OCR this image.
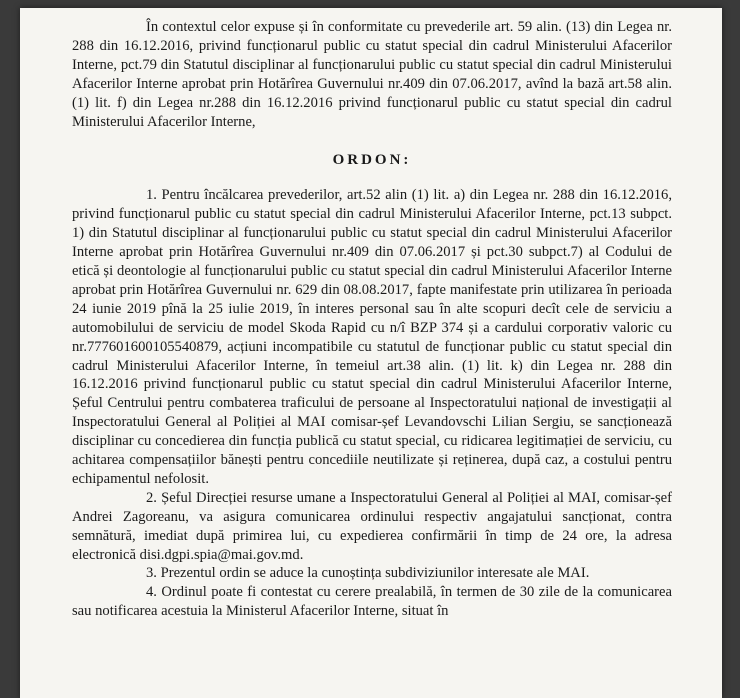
În contextul celor expuse și în conformitate cu prevederile art. 59 alin. (13) din Legea nr. 288 din 16.12.2016, privind funcționarul public cu statut special din cadrul Ministerului Afacerilor Interne, pct.79 din Statutul disciplinar al funcționarului public cu statut special din cadrul Ministerului Afacerilor Interne aprobat prin Hotărîrea Guvernului nr.409 din 07.06.2017, avînd la bază art.58 alin. (1) lit. f) din Legea nr.288 din 16.12.2016 privind funcționarul public cu statut special din cadrul Ministerului Afacerilor Interne,

ORDON:

1. Pentru încălcarea prevederilor, art.52 alin (1) lit. a) din Legea nr. 288 din 16.12.2016, privind funcționarul public cu statut special din cadrul Ministerului Afacerilor Interne, pct.13 subpct. 1) din Statutul disciplinar al funcționarului public cu statut special din cadrul Ministerului Afacerilor Interne aprobat prin Hotărîrea Guvernului nr.409 din 07.06.2017 și pct.30 subpct.7) al Codului de etică și deontologie al funcționarului public cu statut special din cadrul Ministerului Afacerilor Interne aprobat prin Hotărîrea Guvernului nr. 629 din 08.08.2017, fapte manifestate prin utilizarea în perioada 24 iunie 2019 pînă la 25 iulie 2019, în interes personal sau în alte scopuri decît cele de serviciu a automobilului de serviciu de model Skoda Rapid cu n/î BZP 374 și a cardului corporativ valoric cu nr.777601600105540879, acțiuni incompatibile cu statutul de funcționar public cu statut special din cadrul Ministerului Afacerilor Interne, în temeiul art.38 alin. (1) lit. k) din Legea nr. 288 din 16.12.2016 privind funcționarul public cu statut special din cadrul Ministerului Afacerilor Interne, Șeful Centrului pentru combaterea traficului de persoane al Inspectoratului național de investigații al Inspectoratului General al Poliției al MAI comisar-șef Levandovschi Lilian Sergiu, se sancționează disciplinar cu concedierea din funcția publică cu statut special, cu ridicarea legitimației de serviciu, cu achitarea compensațiilor bănești pentru concediile neutilizate și reținerea, după caz, a costului pentru echipamentul nefolosit.

2. Șeful Direcției resurse umane a Inspectoratului General al Poliției al MAI, comisar-șef Andrei Zagoreanu, va asigura comunicarea ordinului respectiv angajatului sancționat, contra semnătură, imediat după primirea lui, cu expedierea confirmării în timp de 24 ore, la adresa electronică disi.dgpi.spia@mai.gov.md.

3. Prezentul ordin se aduce la cunoștința subdiviziunilor interesate ale MAI.

4. Ordinul poate fi contestat cu cerere prealabilă, în termen de 30 zile de la comunicarea sau notificarea acestuia la Ministerul Afacerilor Interne, situat în
